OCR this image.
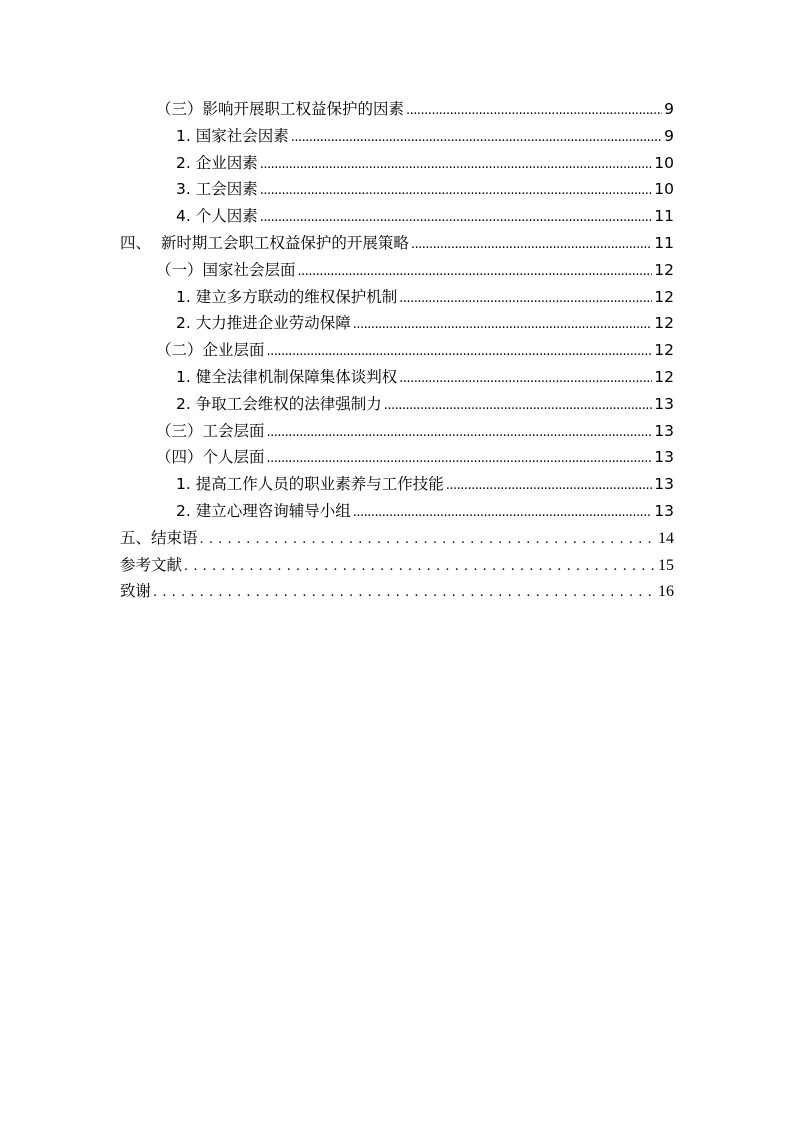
（三）影响开展职工权益保护的因素 .....	9
1. 国家社会因素 .....	9
2. 企业因素 .....	10
3. 工会因素 .....	10
4. 个人因素 .....	11
四、  新时期工会职工权益保护的开展策略 .....	11
（一）国家社会层面 .....	12
1. 建立多方联动的维权保护机制 .....	12
2. 大力推进企业劳动保障 .....	12
（二）企业层面 .....	12
1. 健全法律机制保障集体谈判权 .....	12
2. 争取工会维权的法律强制力 .....	13
（三）工会层面 .....	13
（四）个人层面 .....	13
1. 提高工作人员的职业素养与工作技能 .....	13
2. 建立心理咨询辅导小组 .....	13
五、结束语 .....	14
参考文献 .....	15
致谢 .....	16
